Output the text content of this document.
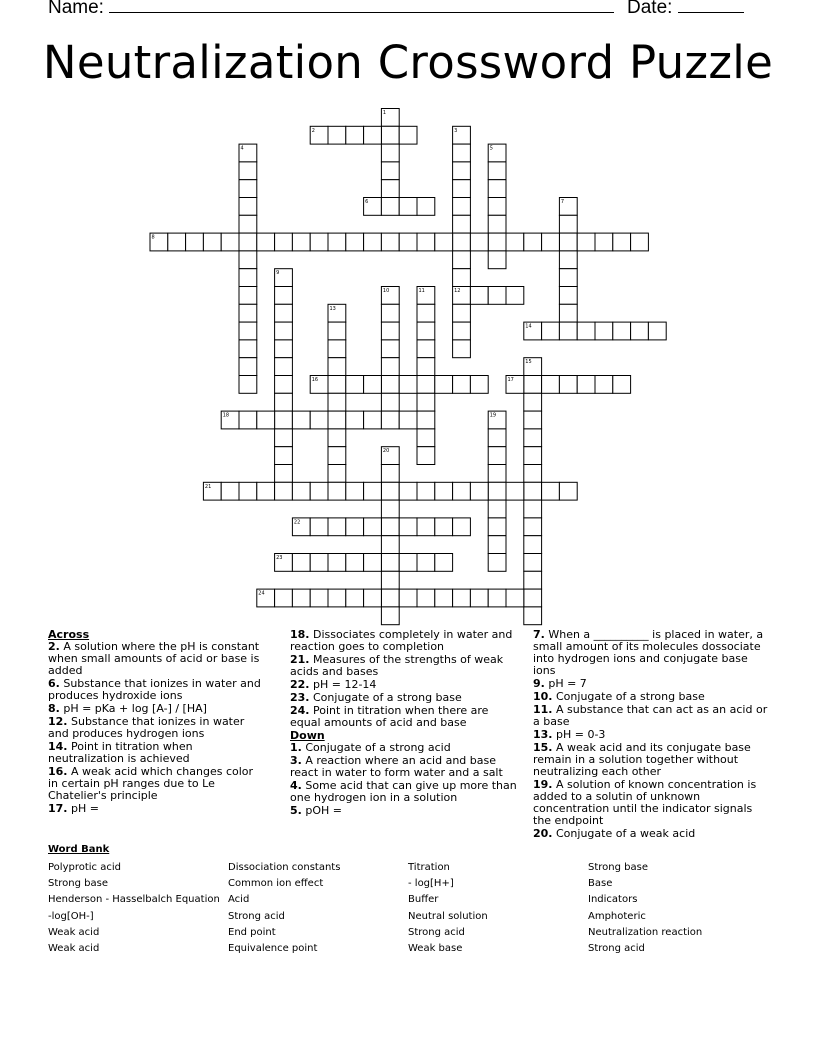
Name:	Date:
Neutralization Crossword Puzzle
1
2	3
4	5
6	7
8
9
10	11	12
13
14
15
16	17
18	19
20
21
22
23
24
Across
2. A solution where the pH is constant when small amounts of acid or base is added
6. Substance that ionizes in water and produces hydroxide ions
8. pH = pKa + log [A-] / [HA]
12. Substance that ionizes in water and produces hydrogen ions
14. Point in titration when neutralization is achieved
16. A weak acid which changes color in certain pH ranges due to Le Chatelier's principle
17. pH =
18. Dissociates completely in water and reaction goes to completion
21. Measures of the strengths of weak acids and bases
22. pH = 12-14
23. Conjugate of a strong base
24. Point in titration when there are equal amounts of acid and base
Down
1. Conjugate of a strong acid
3. A reaction where an acid and base react in water to form water and a salt
4. Some acid that can give up more than one hydrogen ion in a solution
5. pOH =
7. When a __________ is placed in water, a small amount of its molecules dossociate into hydrogen ions and conjugate base ions
9. pH = 7
10. Conjugate of a strong base
11. A substance that can act as an acid or a base
13. pH = 0-3
15. A weak acid and its conjugate base remain in a solution together without neutralizing each other
19. A solution of known concentration is added to a solutin of unknown concentration until the indicator signals the endpoint
20. Conjugate of a weak acid
Word Bank
Polyprotic acid
Strong base
Henderson - Hasselbalch Equation
-log[OH-]
Weak acid
Weak acid
Dissociation constants
Common ion effect
Acid
Strong acid
End point
Equivalence point
Titration
- log[H+]
Buffer
Neutral solution
Strong acid
Weak base
Strong base
Base
Indicators
Amphoteric
Neutralization reaction
Strong acid
